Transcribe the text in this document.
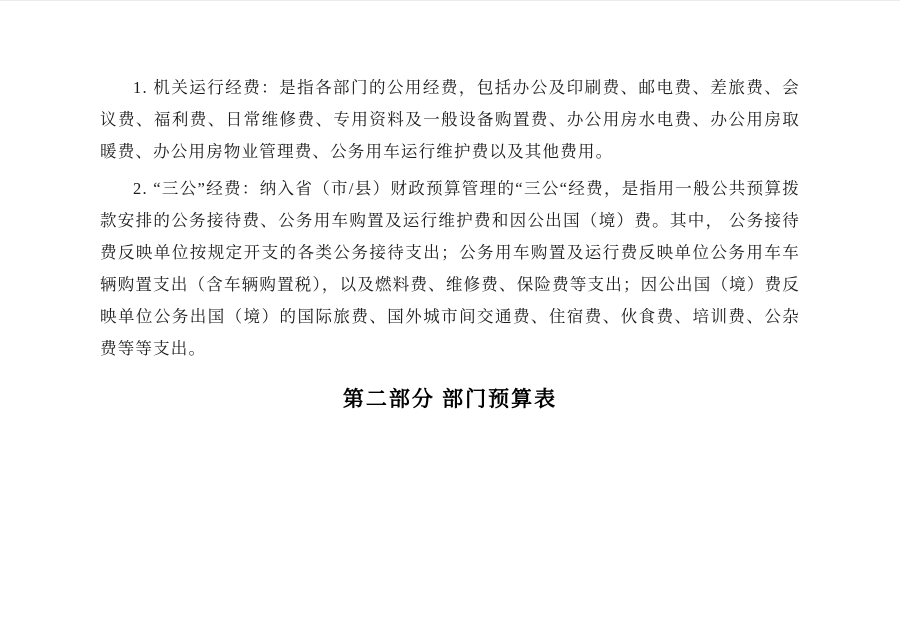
1. 机关运行经费：是指各部门的公用经费，包括办公及印刷费、邮电费、差旅费、会议费、福利费、日常维修费、专用资料及一般设备购置费、办公用房水电费、办公用房取暖费、办公用房物业管理费、公务用车运行维护费以及其他费用。

2. “三公”经费：纳入省（市/县）财政预算管理的“三公“经费，是指用一般公共预算拨款安排的公务接待费、公务用车购置及运行维护费和因公出国（境）费。其中， 公务接待费反映单位按规定开支的各类公务接待支出；公务用车购置及运行费反映单位公务用车车辆购置支出（含车辆购置税），以及燃料费、维修费、保险费等支出；因公出国（境）费反映单位公务出国（境）的国际旅费、国外城市间交通费、住宿费、伙食费、培训费、公杂费等等支出。

第二部分 部门预算表
